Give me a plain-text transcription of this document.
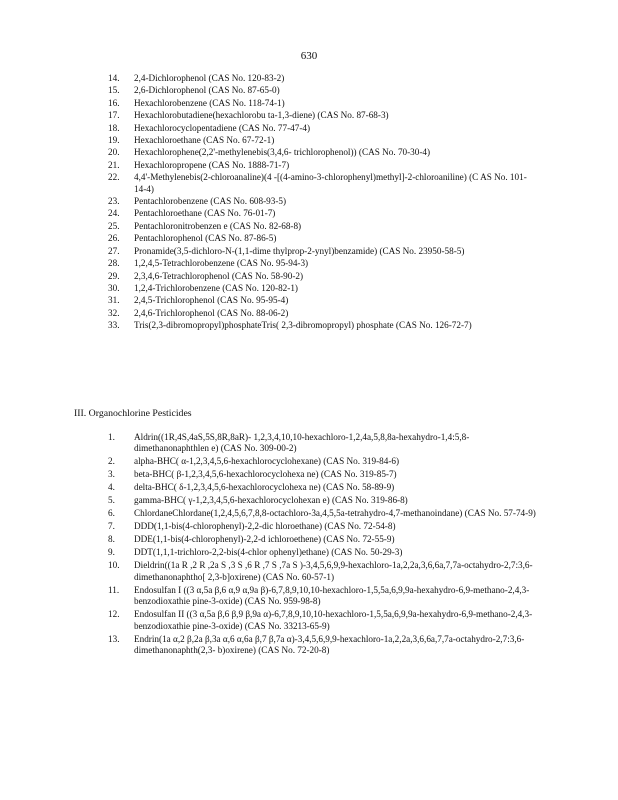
630
14.	2,4-Dichlorophenol (CAS No. 120-83-2)
15.	2,6-Dichlorophenol (CAS No. 87-65-0)
16.	Hexachlorobenzene (CAS No. 118-74-1)
17.	Hexachlorobutadiene(hexachlorobu ta-1,3-diene) (CAS No. 87-68-3)
18.	Hexachlorocyclopentadiene (CAS No. 77-47-4)
19.	Hexachloroethane (CAS No. 67-72-1)
20.	Hexachlorophene(2,2'-methylenebis(3,4,6- trichlorophenol)) (CAS No. 70-30-4)
21.	Hexachloropropene (CAS No. 1888-71-7)
22.	4,4'-Methylenebis(2-chloroanaline)(4 -[(4-amino-3-chlorophenyl)methyl]-2-chloroaniline) (C AS No. 101-14-4)
23.	Pentachlorobenzene (CAS No. 608-93-5)
24.	Pentachloroethane (CAS No. 76-01-7)
25.	Pentachloronitrobenzen e (CAS No. 82-68-8)
26.	Pentachlorophenol (CAS No. 87-86-5)
27.	Pronamide(3,5-dichloro-N-(1,1-dime thylprop-2-ynyl)benzamide) (CAS No. 23950-58-5)
28.	1,2,4,5-Tetrachlorobenzene (CAS No. 95-94-3)
29.	2,3,4,6-Tetrachlorophenol (CAS No. 58-90-2)
30.	1,2,4-Trichlorobenzene (CAS No. 120-82-1)
31.	2,4,5-Trichlorophenol (CAS No. 95-95-4)
32.	2,4,6-Trichlorophenol (CAS No. 88-06-2)
33.	Tris(2,3-dibromopropyl)phosphateTris( 2,3-dibromopropyl) phosphate (CAS No. 126-72-7)
III. Organochlorine Pesticides
1.	Aldrin((1R,4S,4aS,5S,8R,8aR)- 1,2,3,4,10,10-hexachloro-1,2,4a,5,8,8a-hexahydro-1,4:5,8-dimethanonaphthlen e) (CAS No. 309-00-2)
2.	alpha-BHC( α-1,2,3,4,5,6-hexachlorocyclohexane) (CAS No. 319-84-6)
3.	beta-BHC( β-1,2,3,4,5,6-hexachlorocyclohexa ne) (CAS No. 319-85-7)
4.	delta-BHC( δ-1,2,3,4,5,6-hexachlorocyclohexa ne) (CAS No. 58-89-9)
5.	gamma-BHC( γ-1,2,3,4,5,6-hexachlorocyclohexan e) (CAS No. 319-86-8)
6.	ChlordaneChlordane(1,2,4,5,6,7,8,8-octachloro-3a,4,5,5a-tetrahydro-4,7-methanoindane) (CAS No. 57-74-9)
7.	DDD(1,1-bis(4-chlorophenyl)-2,2-dic hloroethane) (CAS No. 72-54-8)
8.	DDE(1,1-bis(4-chlorophenyl)-2,2-d ichloroethene) (CAS No. 72-55-9)
9.	DDT(1,1,1-trichloro-2,2-bis(4-chlor ophenyl)ethane) (CAS No. 50-29-3)
10.	Dieldrin((1a R ,2 R ,2a S ,3 S ,6 R ,7 S ,7a S )-3,4,5,6,9,9-hexachloro-1a,2,2a,3,6,6a,7,7a-octahydro-2,7:3,6-dimethanonaphtho[ 2,3-b]oxirene) (CAS No. 60-57-1)
11.	Endosulfan I ((3 α,5a β,6 α,9 α,9a β)-6,7,8,9,10,10-hexachloro-1,5,5a,6,9,9a-hexahydro-6,9-methano-2,4,3-benzodioxathie pine-3-oxide) (CAS No. 959-98-8)
12.	Endosulfan II ((3 α,5a β,6 β,9 β,9a α)-6,7,8,9,10,10-hexachloro-1,5,5a,6,9,9a-hexahydro-6,9-methano-2,4,3-benzodioxathie pine-3-oxide) (CAS No. 33213-65-9)
13.	Endrin(1a α,2 β,2a β,3a α,6 α,6a β,7 β,7a α)-3,4,5,6,9,9-hexachloro-1a,2,2a,3,6,6a,7,7a-octahydro-2,7:3,6-dimethanonaphth(2,3- b)oxirene) (CAS No. 72-20-8)
